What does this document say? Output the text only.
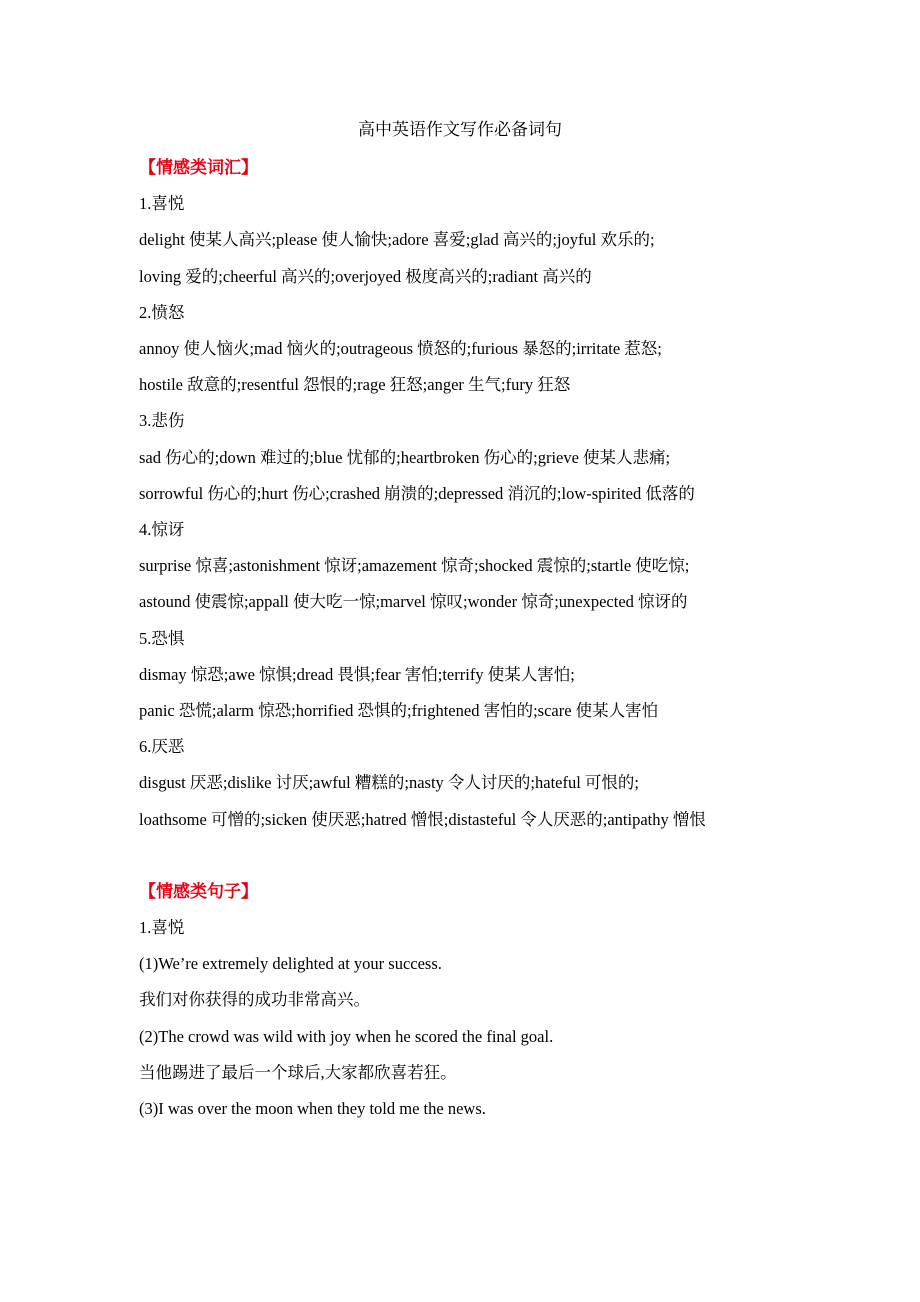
高中英语作文写作必备词句
【情感类词汇】
1.喜悦
delight 使某人高兴;please 使人愉快;adore 喜爱;glad 高兴的;joyful 欢乐的;
loving 爱的;cheerful 高兴的;overjoyed 极度高兴的;radiant 高兴的
2.愤怒
annoy 使人恼火;mad 恼火的;outrageous 愤怒的;furious 暴怒的;irritate 惹怒;
hostile 敌意的;resentful 怨恨的;rage 狂怒;anger 生气;fury 狂怒
3.悲伤
sad 伤心的;down 难过的;blue 忧郁的;heartbroken 伤心的;grieve 使某人悲痛;
sorrowful 伤心的;hurt 伤心;crashed 崩溃的;depressed 消沉的;low-spirited 低落的
4.惊讶
surprise 惊喜;astonishment 惊讶;amazement 惊奇;shocked 震惊的;startle 使吃惊;
astound 使震惊;appall 使大吃一惊;marvel 惊叹;wonder 惊奇;unexpected 惊讶的
5.恐惧
dismay 惊恐;awe 惊惧;dread 畏惧;fear 害怕;terrify 使某人害怕;
panic 恐慌;alarm 惊恐;horrified 恐惧的;frightened 害怕的;scare 使某人害怕
6.厌恶
disgust 厌恶;dislike 讨厌;awful 糟糕的;nasty 令人讨厌的;hateful 可恨的;
loathsome 可憎的;sicken 使厌恶;hatred 憎恨;distasteful 令人厌恶的;antipathy 憎恨
【情感类句子】
1.喜悦
(1)We’re extremely delighted at your success.
我们对你获得的成功非常高兴。
(2)The crowd was wild with joy when he scored the final goal.
当他踢进了最后一个球后,大家都欣喜若狂。
(3)I was over the moon when they told me the news.
